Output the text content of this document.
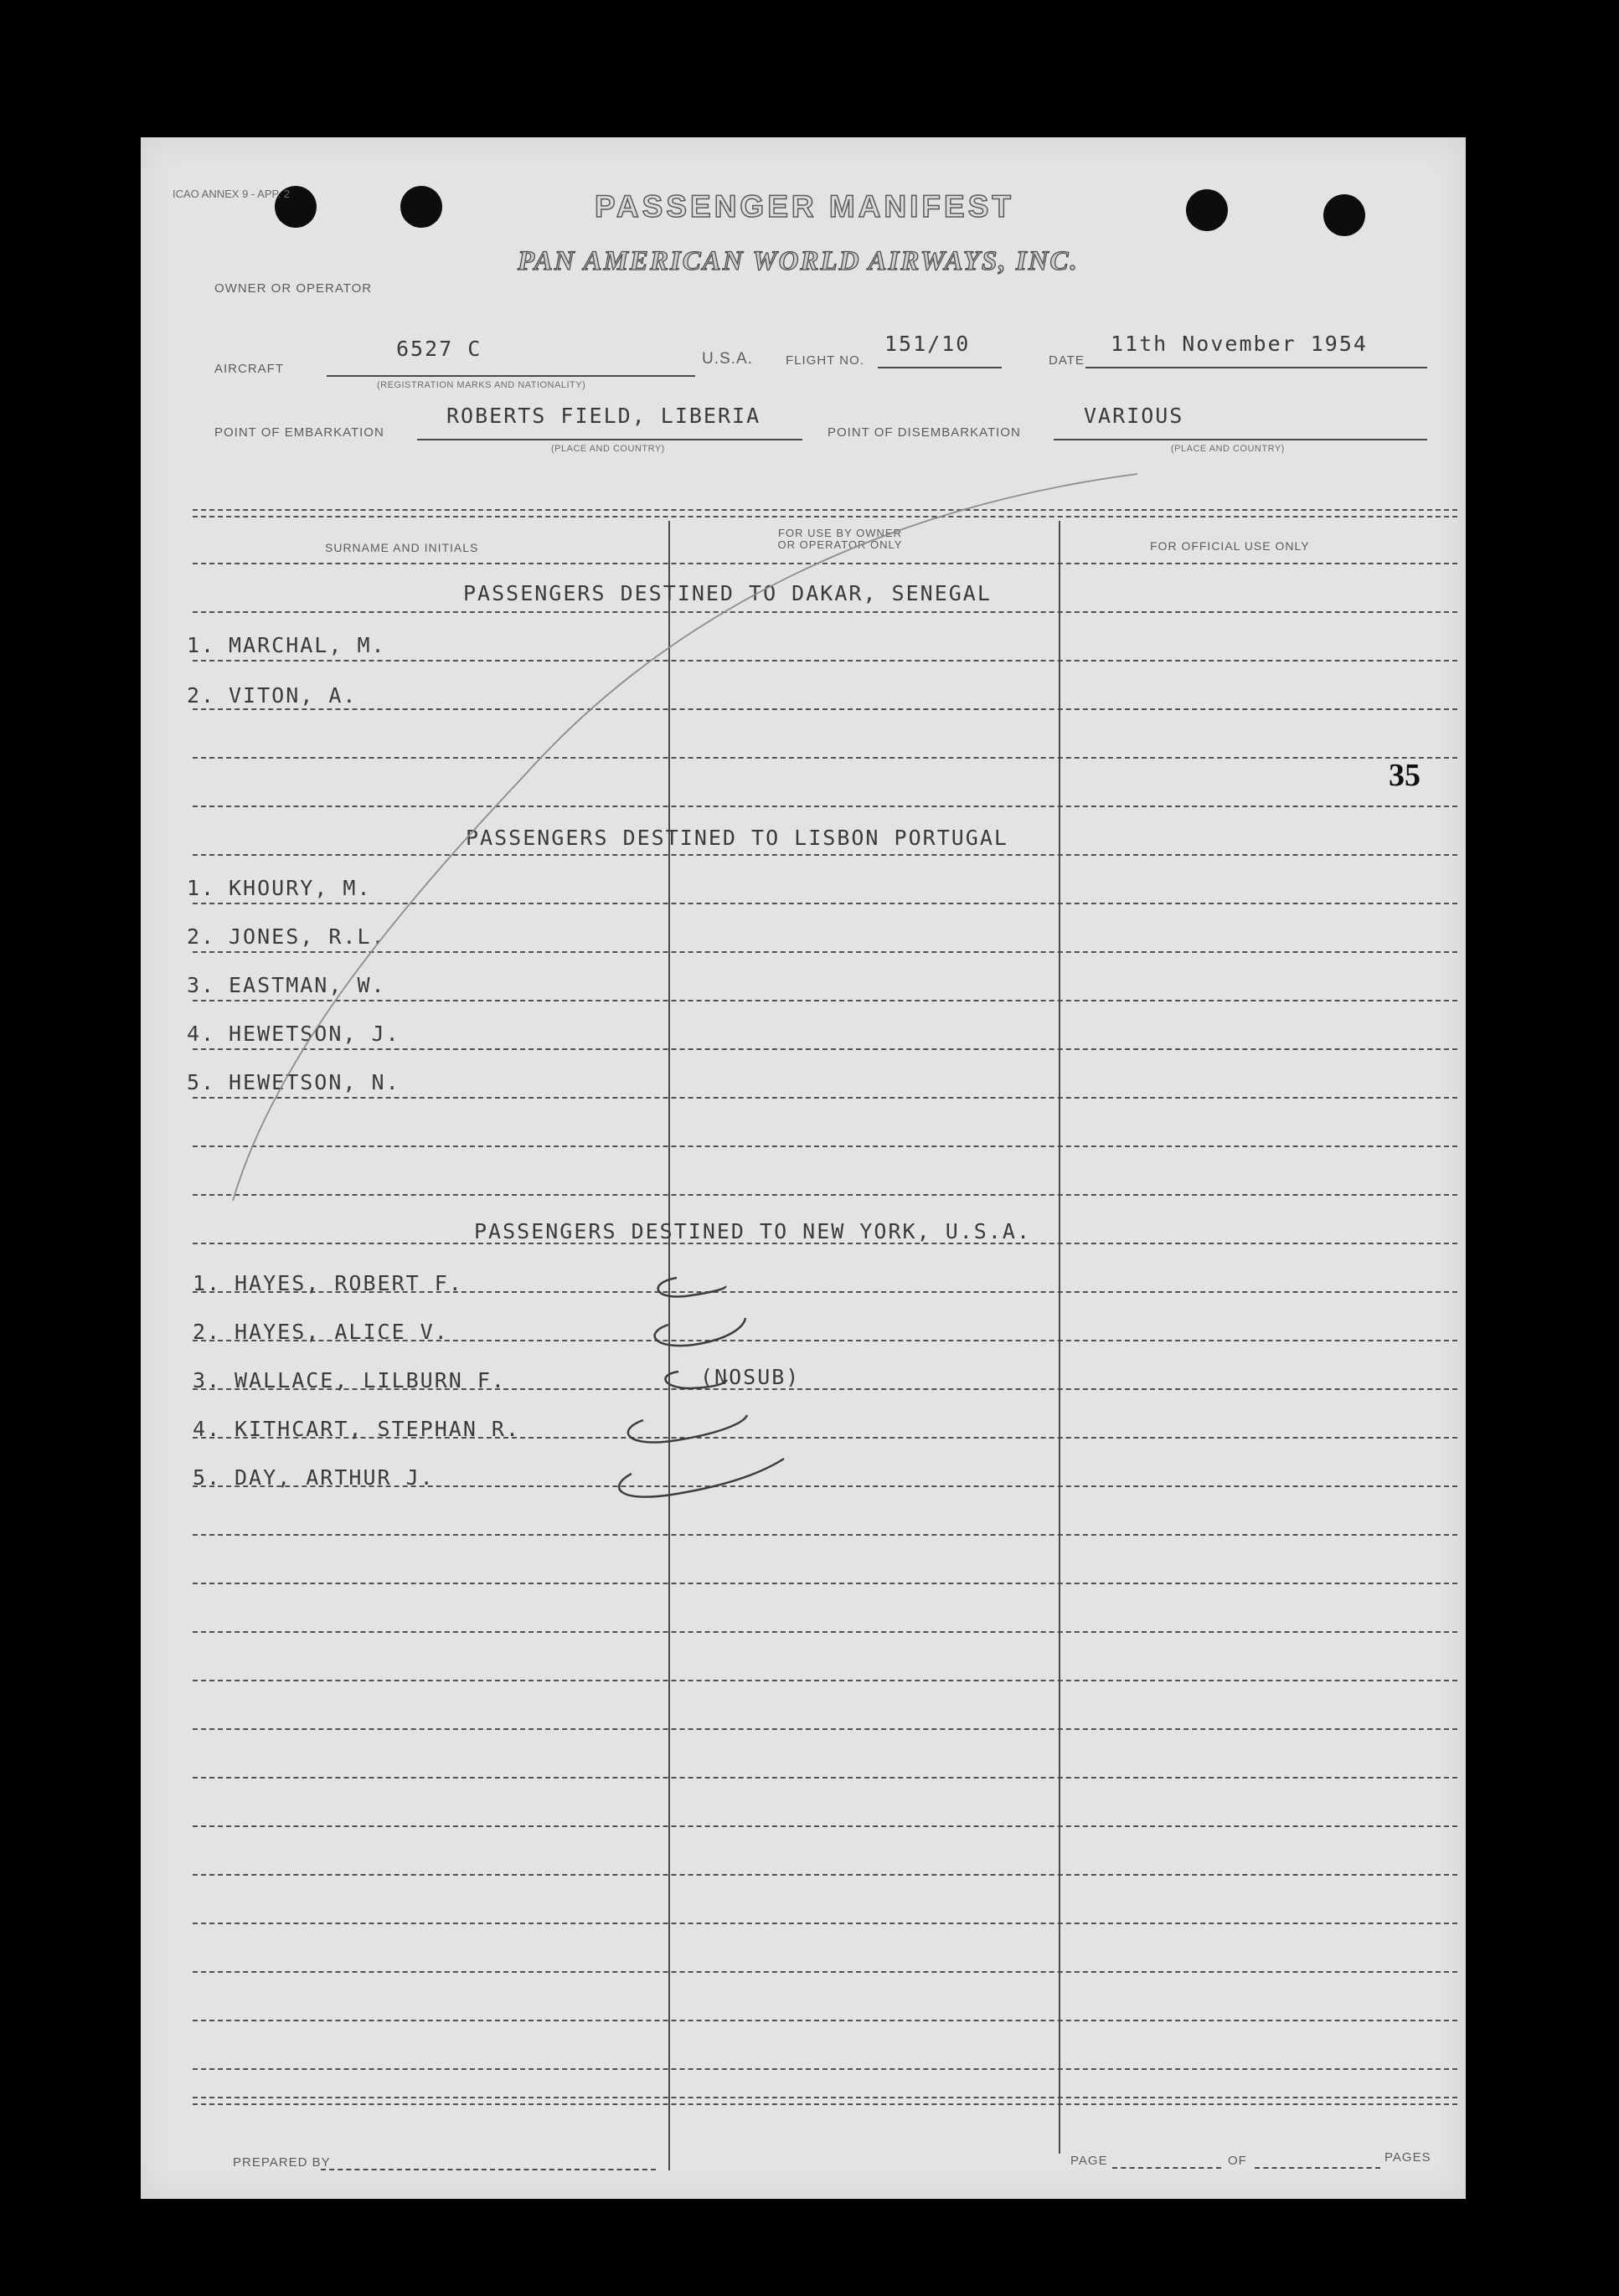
ICAO ANNEX 9 - APP. 2	PASSENGER MANIFEST
PAN AMERICAN WORLD AIRWAYS, INC.
OWNER OR OPERATOR
AIRCRAFT
6527 C
(REGISTRATION MARKS AND NATIONALITY)
U.S.A.	FLIGHT NO.
151/10
DATE
11th November 1954
POINT OF EMBARKATION
ROBERTS FIELD, LIBERIA
(PLACE AND COUNTRY)
POINT OF DISEMBARKATION
VARIOUS
(PLACE AND COUNTRY)
SURNAME AND INITIALS
FOR USE BY OWNER OR OPERATOR ONLY	FOR OFFICIAL USE ONLY
PASSENGERS DESTINED TO DAKAR, SENEGAL
1. MARCHAL, M.
2. VITON, A.
35
PASSENGERS DESTINED TO LISBON PORTUGAL
1. KHOURY, M.
2. JONES, R.L.
3. EASTMAN, W.
4. HEWETSON, J.
5. HEWETSON, N.
PASSENGERS DESTINED TO NEW YORK, U.S.A.
1. HAYES, ROBERT F.
2. HAYES, ALICE V.
3. WALLACE, LILBURN F.	(NOSUB)
4. KITHCART, STEPHAN R.
5. DAY, ARTHUR J.
PREPARED BY	PAGE	OF	PAGES
